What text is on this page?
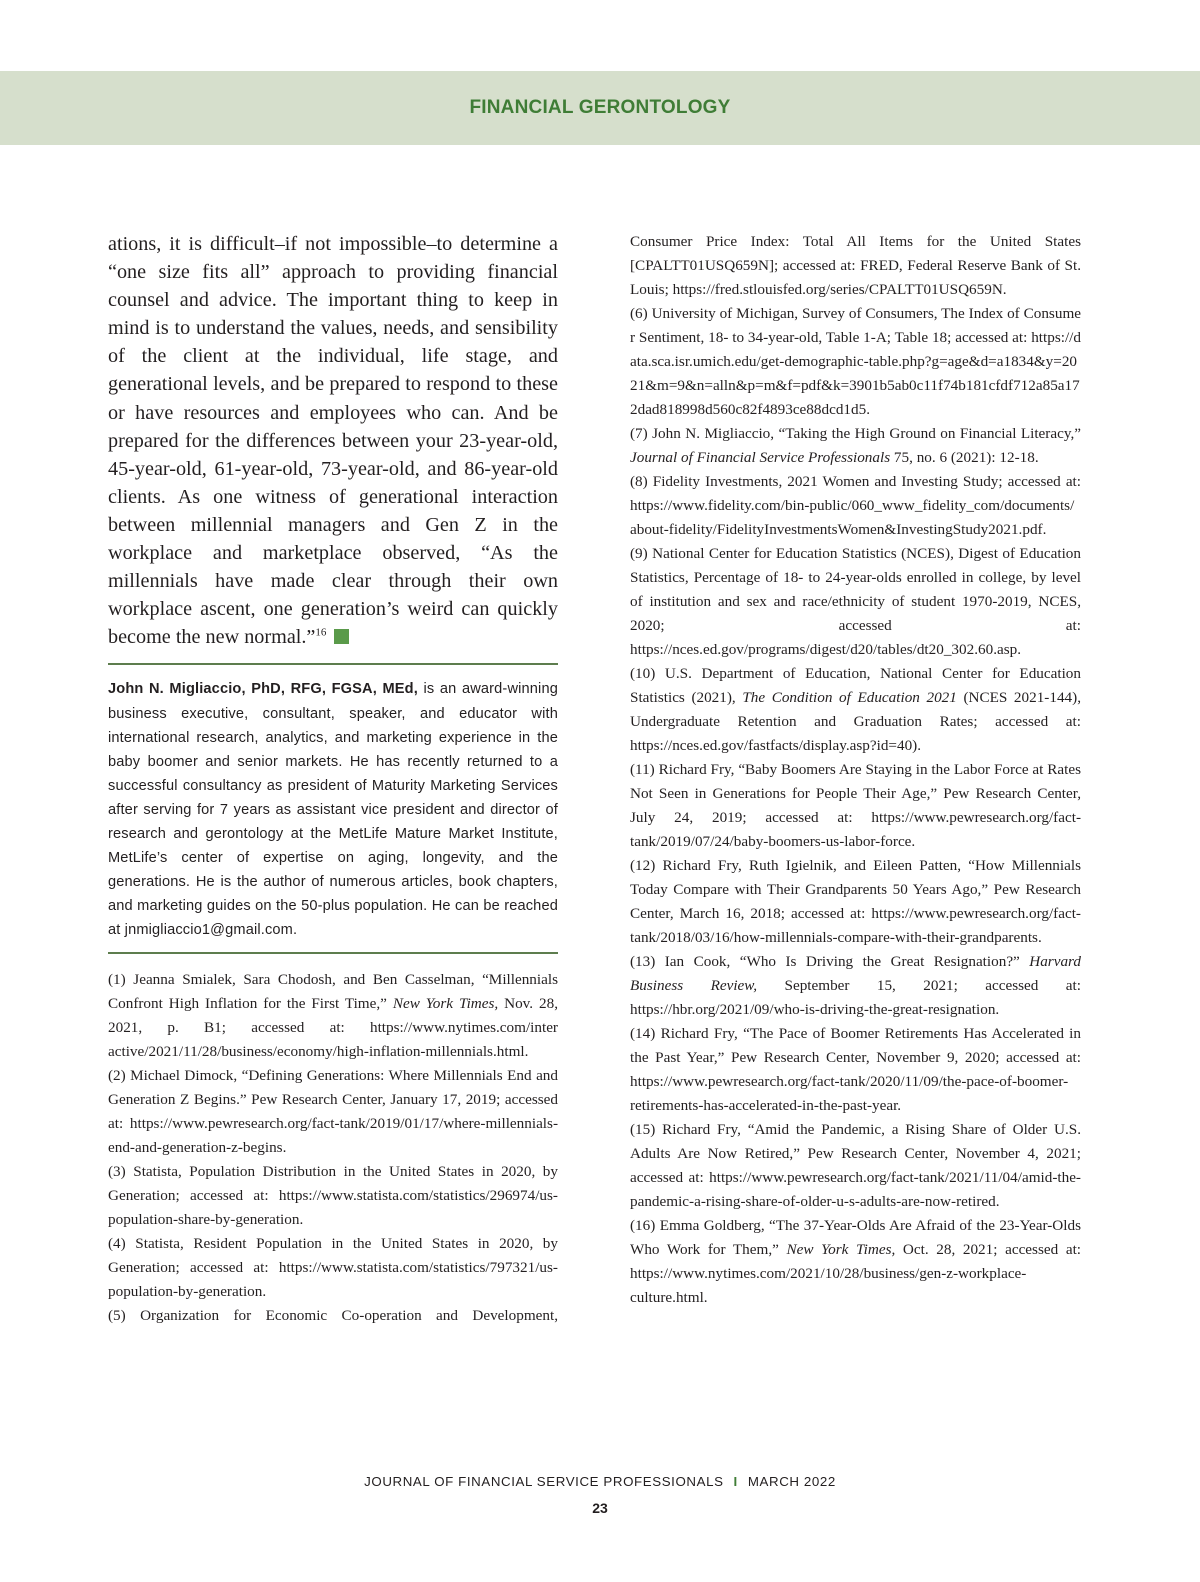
FINANCIAL GERONTOLOGY

ations, it is difficult–if not impossible–to determine a “one size fits all” approach to providing financial counsel and advice. The important thing to keep in mind is to understand the values, needs, and sensibility of the client at the individual, life stage, and generational levels, and be prepared to respond to these or have resources and employees who can. And be prepared for the differences between your 23-year-old, 45-year-old, 61-year-old, 73-year-old, and 86-year-old clients. As one witness of generational interaction between millennial managers and Gen Z in the workplace and marketplace observed, “As the millennials have made clear through their own workplace ascent, one generation’s weird can quickly become the new normal.”$^{16}$

John N. Migliaccio, PhD, RFG, FGSA, MEd, is an award-winning business executive, consultant, speaker, and educator with international research, analytics, and marketing experience in the baby boomer and senior markets. He has recently returned to a successful consultancy as president of Maturity Marketing Services after serving for 7 years as assistant vice president and director of research and gerontology at the MetLife Mature Market Institute, MetLife’s center of expertise on aging, longevity, and the generations. He is the author of numerous articles, book chapters, and marketing guides on the 50-plus population. He can be reached at jnmigliaccio1@gmail.com.

(1) Jeanna Smialek, Sara Chodosh, and Ben Casselman, “Millennials Confront High Inflation for the First Time,” New York Times, Nov. 28, 2021, p. B1; accessed at: https://www.nytimes.com/inter active/2021/11/28/business/economy/high-inflation-millennials.html.

(2) Michael Dimock, “Defining Generations: Where Millennials End and Generation Z Begins.” Pew Research Center, January 17, 2019; accessed at: https://www.pewresearch.org/fact-tank/2019/01/17/where-millennials-end-and-generation-z-begins.

(3) Statista, Population Distribution in the United States in 2020, by Generation; accessed at: https://www.statista.com/statistics/296974/us-population-share-by-generation.

(4) Statista, Resident Population in the United States in 2020, by Generation; accessed at: https://www.statista.com/statistics/797321/us-population-by-generation.

(5) Organization for Economic Co-operation and Development,

Consumer Price Index: Total All Items for the United States [CPALTT01USQ659N]; accessed at: FRED, Federal Reserve Bank of St. Louis; https://fred.stlouisfed.org/series/CPALTT01USQ659N.

(6) University of Michigan, Survey of Consumers, The Index of Consumer Sentiment, 18- to 34-year-old, Table 1-A; Table 18; accessed at: https://data.sca.isr.umich.edu/get-demographic-table.php?g=age&d=a1834&y=2021&m=9&n=alln&p=m&f=pdf&k=3901b5ab0c11f74b181cfdf712a85a172dad818998d560c82f4893ce88dcd1d5.

(7) John N. Migliaccio, “Taking the High Ground on Financial Literacy,” Journal of Financial Service Professionals 75, no. 6 (2021): 12-18.

(8) Fidelity Investments, 2021 Women and Investing Study; accessed at: https://www.fidelity.com/bin-public/060_www_fidelity_com/documents/about-fidelity/FidelityInvestmentsWomen&InvestingStudy2021.pdf.

(9) National Center for Education Statistics (NCES), Digest of Education Statistics, Percentage of 18- to 24-year-olds enrolled in college, by level of institution and sex and race/ethnicity of student 1970-2019, NCES, 2020; accessed at: https://nces.ed.gov/programs/digest/d20/tables/dt20_302.60.asp.

(10) U.S. Department of Education, National Center for Education Statistics (2021), The Condition of Education 2021 (NCES 2021-144), Undergraduate Retention and Graduation Rates; accessed at: https://nces.ed.gov/fastfacts/display.asp?id=40).

(11) Richard Fry, “Baby Boomers Are Staying in the Labor Force at Rates Not Seen in Generations for People Their Age,” Pew Research Center, July 24, 2019; accessed at: https://www.pewresearch.org/fact-tank/2019/07/24/baby-boomers-us-labor-force.

(12) Richard Fry, Ruth Igielnik, and Eileen Patten, “How Millennials Today Compare with Their Grandparents 50 Years Ago,” Pew Research Center, March 16, 2018; accessed at: https://www.pewresearch.org/fact-tank/2018/03/16/how-millennials-compare-with-their-grandparents.

(13) Ian Cook, “Who Is Driving the Great Resignation?” Harvard Business Review, September 15, 2021; accessed at: https://hbr.org/2021/09/who-is-driving-the-great-resignation.

(14) Richard Fry, “The Pace of Boomer Retirements Has Accelerated in the Past Year,” Pew Research Center, November 9, 2020; accessed at: https://www.pewresearch.org/fact-tank/2020/11/09/the-pace-of-boomer-retirements-has-accelerated-in-the-past-year.

(15) Richard Fry, “Amid the Pandemic, a Rising Share of Older U.S. Adults Are Now Retired,” Pew Research Center, November 4, 2021; accessed at: https://www.pewresearch.org/fact-tank/2021/11/04/amid-the-pandemic-a-rising-share-of-older-u-s-adults-are-now-retired.

(16) Emma Goldberg, “The 37-Year-Olds Are Afraid of the 23-Year-Olds Who Work for Them,” New York Times, Oct. 28, 2021; accessed at: https://www.nytimes.com/2021/10/28/business/gen-z-workplace-culture.html.

JOURNAL OF FINANCIAL SERVICE PROFESSIONALS I MARCH 2022
23
